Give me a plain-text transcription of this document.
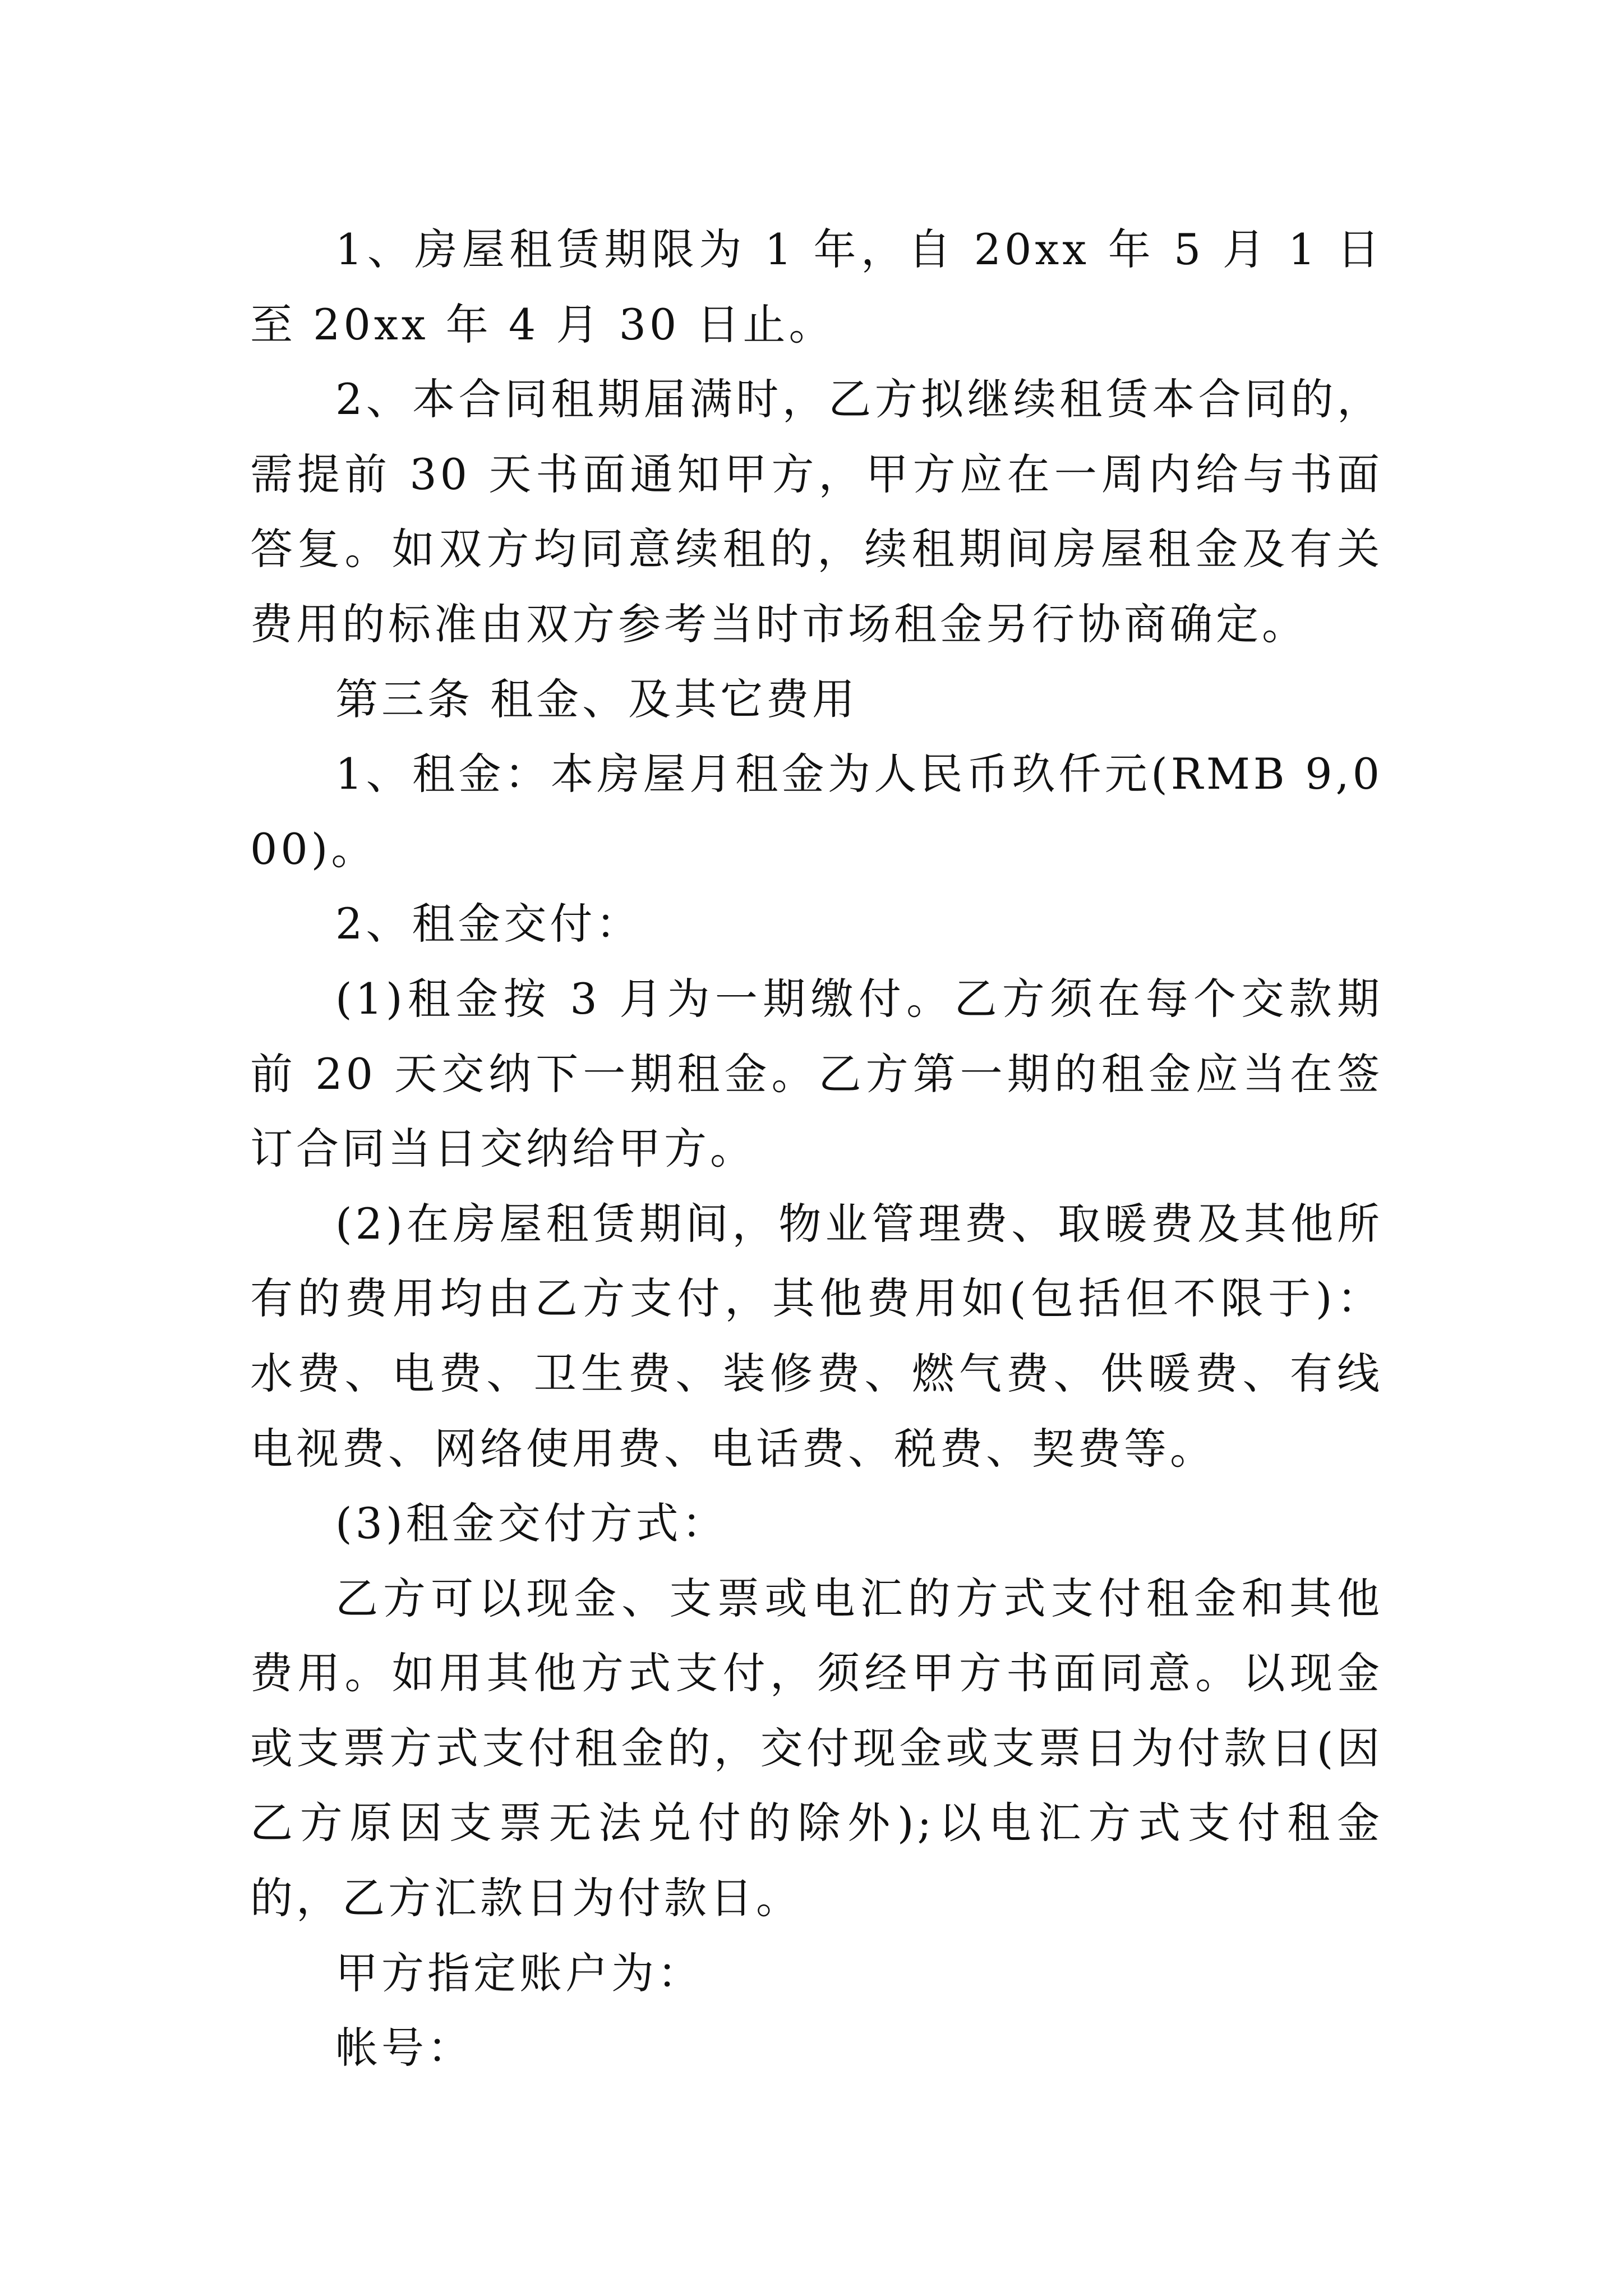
1、房屋租赁期限为 1 年，自 20xx 年 5 月 1 日至 20xx 年 4 月 30 日止。

2、本合同租期届满时，乙方拟继续租赁本合同的，需提前 30 天书面通知甲方，甲方应在一周内给与书面答复。如双方均同意续租的，续租期间房屋租金及有关费用的标准由双方参考当时市场租金另行协商确定。

第三条 租金、及其它费用

1、租金：本房屋月租金为人民币玖仟元(RMB 9,000)。

2、租金交付：

(1)租金按 3 月为一期缴付。乙方须在每个交款期前 20 天交纳下一期租金。乙方第一期的租金应当在签订合同当日交纳给甲方。

(2)在房屋租赁期间，物业管理费、取暖费及其他所有的费用均由乙方支付，其他费用如(包括但不限于)：水费、电费、卫生费、装修费、燃气费、供暖费、有线电视费、网络使用费、电话费、税费、契费等。

(3)租金交付方式：

乙方可以现金、支票或电汇的方式支付租金和其他费用。如用其他方式支付，须经甲方书面同意。以现金或支票方式支付租金的，交付现金或支票日为付款日(因乙方原因支票无法兑付的除外);以电汇方式支付租金的，乙方汇款日为付款日。

甲方指定账户为：

帐号：
